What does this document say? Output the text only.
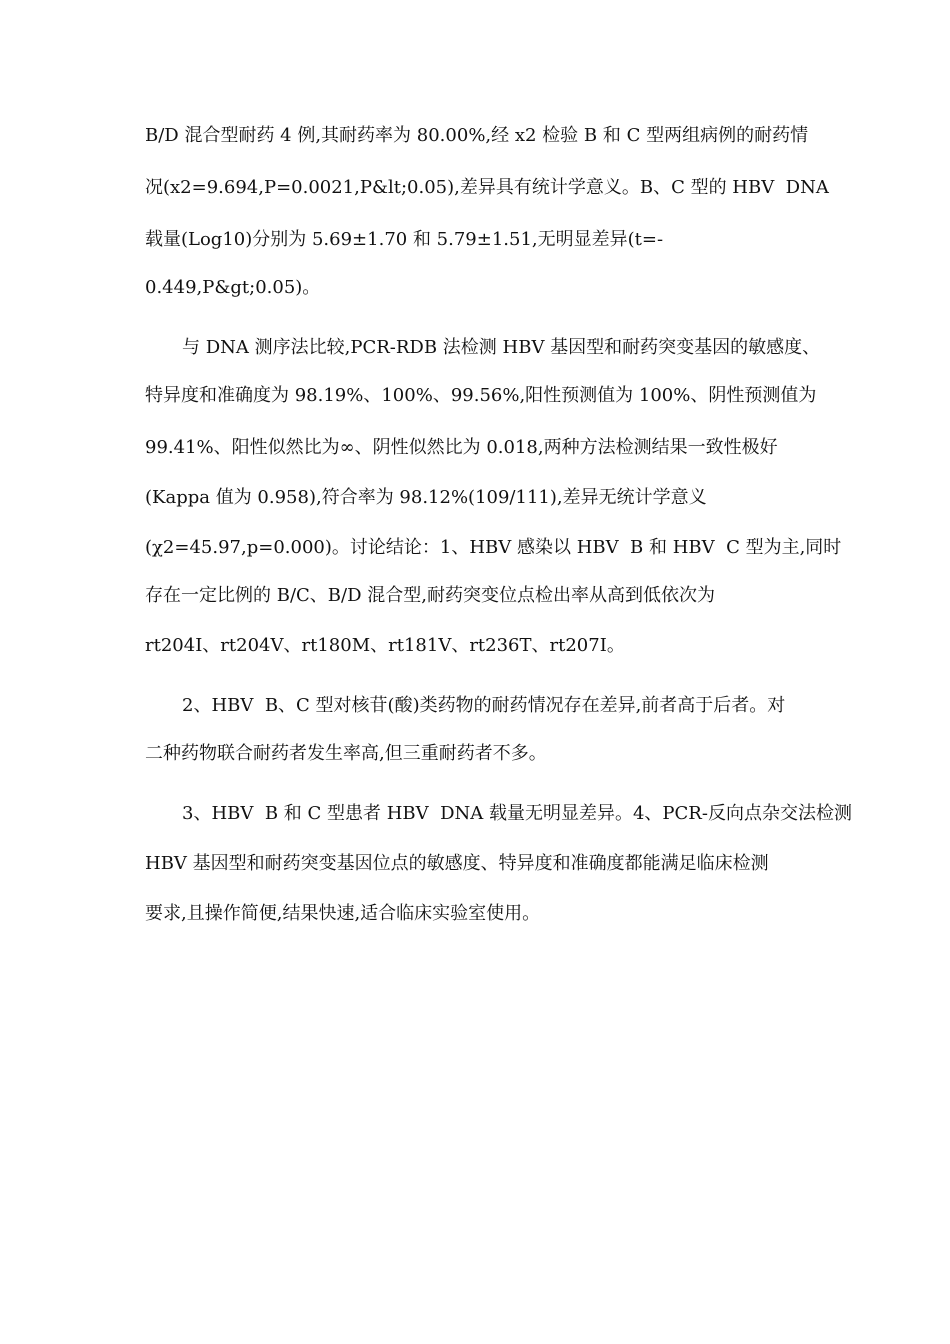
B/D 混合型耐药 4 例,其耐药率为 80.00%,经 x2 检验 B 和 C 型两组病例的耐药情
况(x2=9.694,P=0.0021,P&lt;0.05),差异具有统计学意义。B、C 型的 HBV  DNA
载量(Log10)分别为 5.69±1.70 和 5.79±1.51,无明显差异(t=-
0.449,P&gt;0.05)。
与 DNA 测序法比较,PCR-RDB 法检测 HBV 基因型和耐药突变基因的敏感度、
特异度和准确度为 98.19%、100%、99.56%,阳性预测值为 100%、阴性预测值为
99.41%、阳性似然比为∞、阴性似然比为 0.018,两种方法检测结果一致性极好
(Kappa 值为 0.958),符合率为 98.12%(109/111),差异无统计学意义
(χ2=45.97,p=0.000)。讨论结论：1、HBV 感染以 HBV  B 和 HBV  C 型为主,同时
存在一定比例的 B/C、B/D 混合型,耐药突变位点检出率从高到低依次为
rt204I、rt204V、rt180M、rt181V、rt236T、rt207I。
2、HBV  B、C 型对核苷(酸)类药物的耐药情况存在差异,前者高于后者。对
二种药物联合耐药者发生率高,但三重耐药者不多。
3、HBV  B 和 C 型患者 HBV  DNA 载量无明显差异。4、PCR-反向点杂交法检测
HBV 基因型和耐药突变基因位点的敏感度、特异度和准确度都能满足临床检测
要求,且操作简便,结果快速,适合临床实验室使用。
